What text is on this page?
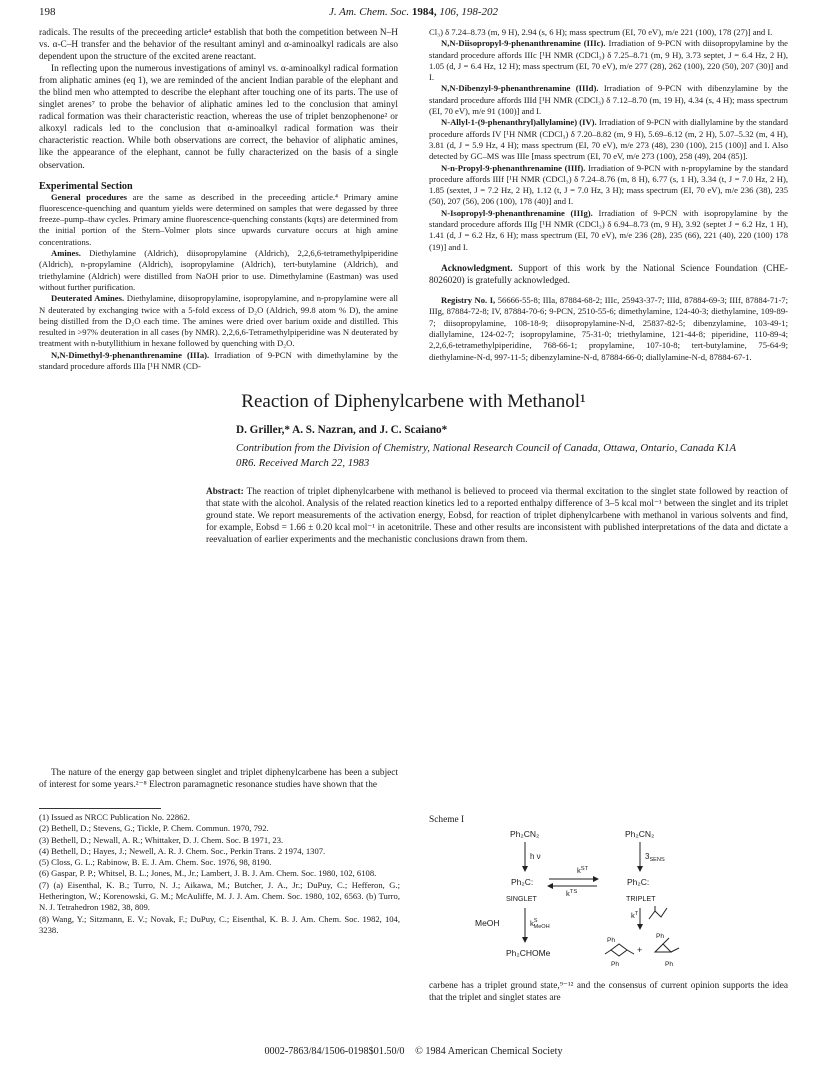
198	J. Am. Chem. Soc. 1984, 106, 198-202

radicals. The results of the preceeding article⁴ establish that both the competition between N–H vs. α-C–H transfer and the behavior of the resultant aminyl and α-aminoalkyl radicals are also dependent upon the structure of the excited arene reactant.

In reflecting upon the numerous investigations of aminyl vs. α-aminoalkyl radical formation from aliphatic amines (eq 1), we are reminded of the ancient Indian parable of the elephant and the blind men who attempted to describe the elephant after touching one of its parts. The use of singlet arenes⁷ to probe the behavior of aliphatic amines led to the conclusion that aminyl radical formation was their characteristic reaction, whereas the use of triplet benzophenone² or alkoxyl radicals led to the conclusion that α-aminoalkyl radical formation was their characteristic reaction. While both observations are correct, the behavior of aliphatic amines, like the appearance of the elephant, cannot be fully characterized on the basis of a single observation.

Experimental Section

General procedures are the same as described in the preceeding article.⁴ Primary amine fluorescence-quenching and quantum yields were determined on samples that were degassed by three freeze–pump–thaw cycles. Primary amine fluorescence-quenching constants (kqτs) are determined from the initial portion of the Stern–Volmer plots since upwards curvature occurs at high amine concentrations.

Amines. Diethylamine (Aldrich), diisopropylamine (Aldrich), 2,2,6,6-tetramethylpiperidine (Aldrich), n-propylamine (Aldrich), isopropylamine (Aldrich), tert-butylamine (Aldrich), and triethylamine (Aldrich) were distilled from NaOH prior to use. Dimethylamine (Eastman) was used without further purification.

Deuterated Amines. Diethylamine, diisopropylamine, isopropylamine, and n-propylamine were all N deuterated by exchanging twice with a 5-fold excess of D₂O (Aldrich, 99.8 atom % D), the amine being distilled from the D₂O each time. The amines were dried over barium oxide and distilled. This resulted in >97% deuteration in all cases (by NMR). 2,2,6,6-Tetramethylpiperidine was N deuterated by treatment with n-butyllithium in hexane followed by quenching with D₂O.

N,N-Dimethyl-9-phenanthrenamine (IIIa). Irradiation of 9-PCN with dimethylamine by the standard procedure affords IIIa [¹H NMR (CD-

Cl₃) δ 7.24–8.73 (m, 9 H), 2.94 (s, 6 H); mass spectrum (EI, 70 eV), m/e 221 (100), 178 (27)] and I.

N,N-Diisopropyl-9-phenanthrenamine (IIIc). Irradiation of 9-PCN with diisopropylamine by the standard procedure affords IIIc [¹H NMR (CDCl₃) δ 7.25–8.71 (m, 9 H), 3.73 septet, J = 6.4 Hz, 2 H), 1.05 (d, J = 6.4 Hz, 12 H); mass spectrum (EI, 70 eV), m/e 277 (28), 262 (100), 220 (50), 207 (30)] and I.

N,N-Dibenzyl-9-phenanthrenamine (IIId). Irradiation of 9-PCN with dibenzylamine by the standard procedure affords IIId [¹H NMR (CDCl₃) δ 7.12–8.70 (m, 19 H), 4.34 (s, 4 H); mass spectrum (EI, 70 eV), m/e 91 (100)] and I.

N-Allyl-1-(9-phenanthryl)allylamine) (IV). Irradiation of 9-PCN with diallylamine by the standard procedure affords IV [¹H NMR (CDCl₃) δ 7.20–8.82 (m, 9 H), 5.69–6.12 (m, 2 H), 5.07–5.32 (m, 4 H), 3.81 (d, J = 5.9 Hz, 4 H); mass spectrum (EI, 70 eV), m/e 273 (48), 230 (100), 215 (100)] and I. Also detected by GC–MS was IIIe [mass spectrum (EI, 70 eV, m/e 273 (100), 258 (49), 204 (85)].

N-n-Propyl-9-phenanthrenamine (IIIf). Irradiation of 9-PCN with n-propylamine by the standard procedure affords IIIf [¹H NMR (CDCl₃) δ 7.24–8.76 (m, 8 H), 6.77 (s, 1 H), 3.34 (t, J = 7.0 Hz, 2 H), 1.85 (sextet, J = 7.2 Hz, 2 H), 1.12 (t, J = 7.0 Hz, 3 H); mass spectrum (EI, 70 eV), m/e 236 (38), 235 (50), 207 (56), 206 (100), 178 (40)] and I.

N-Isopropyl-9-phenanthrenamine (IIIg). Irradiation of 9-PCN with isopropylamine by the standard procedure affords IIIg [¹H NMR (CDCl₃) δ 6.94–8.73 (m, 9 H), 3.92 (septet J = 6.2 Hz, 1 H), 1.41 (d, J = 6.2 Hz, 6 H); mass spectrum (EI, 70 eV), m/e 236 (28), 235 (66), 221 (40), 220 (100) 178 (19)] and I.

Acknowledgment. Support of this work by the National Science Foundation (CHE-8026020) is gratefully acknowledged.

Registry No. I, 56666-55-8; IIIa, 87884-68-2; IIIc, 25943-37-7; IIId, 87884-69-3; IIIf, 87884-71-7; IIIg, 87884-72-8; IV, 87884-70-6; 9-PCN, 2510-55-6; dimethylamine, 124-40-3; diethylamine, 109-89-7; diisopropylamine, 108-18-9; diisopropylamine-N-d, 25837-82-5; dibenzylamine, 103-49-1; diallylamine, 124-02-7; isopropylamine, 75-31-0; triethylamine, 121-44-8; piperidine, 110-89-4; 2,2,6,6-tetramethylpiperidine, 768-66-1; propylamine, 107-10-8; tert-butylamine, 75-64-9; diethylamine-N-d, 997-11-5; dibenzylamine-N-d, 87884-66-0; diallylamine-N-d, 87884-67-1.

Reaction of Diphenylcarbene with Methanol¹
D. Griller,* A. S. Nazran, and J. C. Scaiano*
Contribution from the Division of Chemistry, National Research Council of Canada, Ottawa, Ontario, Canada K1A 0R6. Received March 22, 1983

Abstract: The reaction of triplet diphenylcarbene with methanol is believed to proceed via thermal excitation to the singlet state followed by reaction of that state with the alcohol. Analysis of the related reaction kinetics led to a reported enthalpy difference of 3–5 kcal mol⁻¹ between the singlet and its triplet ground state. We report measurements of the activation energy, Eobsd, for reaction of triplet diphenylcarbene with methanol in various solvents and find, for example, Eobsd = 1.66 ± 0.20 kcal mol⁻¹ in acetonitrile. These and other results are inconsistent with published interpretations of the data and dictate a reevaluation of earlier experiments and the mechanistic conclusions drawn from them.

The nature of the energy gap between singlet and triplet diphenylcarbene has been a subject of interest for some years.²⁻⁸ Electron paramagnetic resonance studies have shown that the

(1) Issued as NRCC Publication No. 22862.

(2) Bethell, D.; Stevens, G.; Tickle, P. Chem. Commun. 1970, 792.

(3) Bethell, D.; Newall, A. R.; Whittaker, D. J. Chem. Soc. B 1971, 23.

(4) Bethell, D.; Hayes, J.; Newell, A. R. J. Chem. Soc., Perkin Trans. 2 1974, 1307.

(5) Closs, G. L.; Rabinow, B. E. J. Am. Chem. Soc. 1976, 98, 8190.

(6) Gaspar, P. P.; Whitsel, B. L.; Jones, M., Jr.; Lambert, J. B. J. Am. Chem. Soc. 1980, 102, 6108.

(7) (a) Eisenthal, K. B.; Turro, N. J.; Aikawa, M.; Butcher, J. A., Jr.; DuPuy, C.; Hefferon, G.; Hetherington, W.; Korenowski, G. M.; McAuliffe, M. J. J. Am. Chem. Soc. 1980, 102, 6563. (b) Turro, N. J. Tetrahedron 1982, 38, 809.

(8) Wang, Y.; Sitzmann, E. V.; Novak, F.; DuPuy, C.; Eisenthal, K. B. J. Am. Chem. Soc. 1982, 104, 3238.

Scheme I
Ph₂CN₂
h ν
Ph₂C:
SINGLET
$k^{ST}$
$k^{TS}$
MeOH	$k^S$ MeOH
Ph₂CHOMe
Ph₂CN₂
$3_{SENS}$
Ph₂C:
TRIPLET
$k^T$
Ph
+
Ph
Ph	Ph

carbene has a triplet ground state,⁹⁻¹² and the consensus of current opinion supports the idea that the triplet and singlet states are

0002-7863/84/1506-0198$01.50/0 © 1984 American Chemical Society
